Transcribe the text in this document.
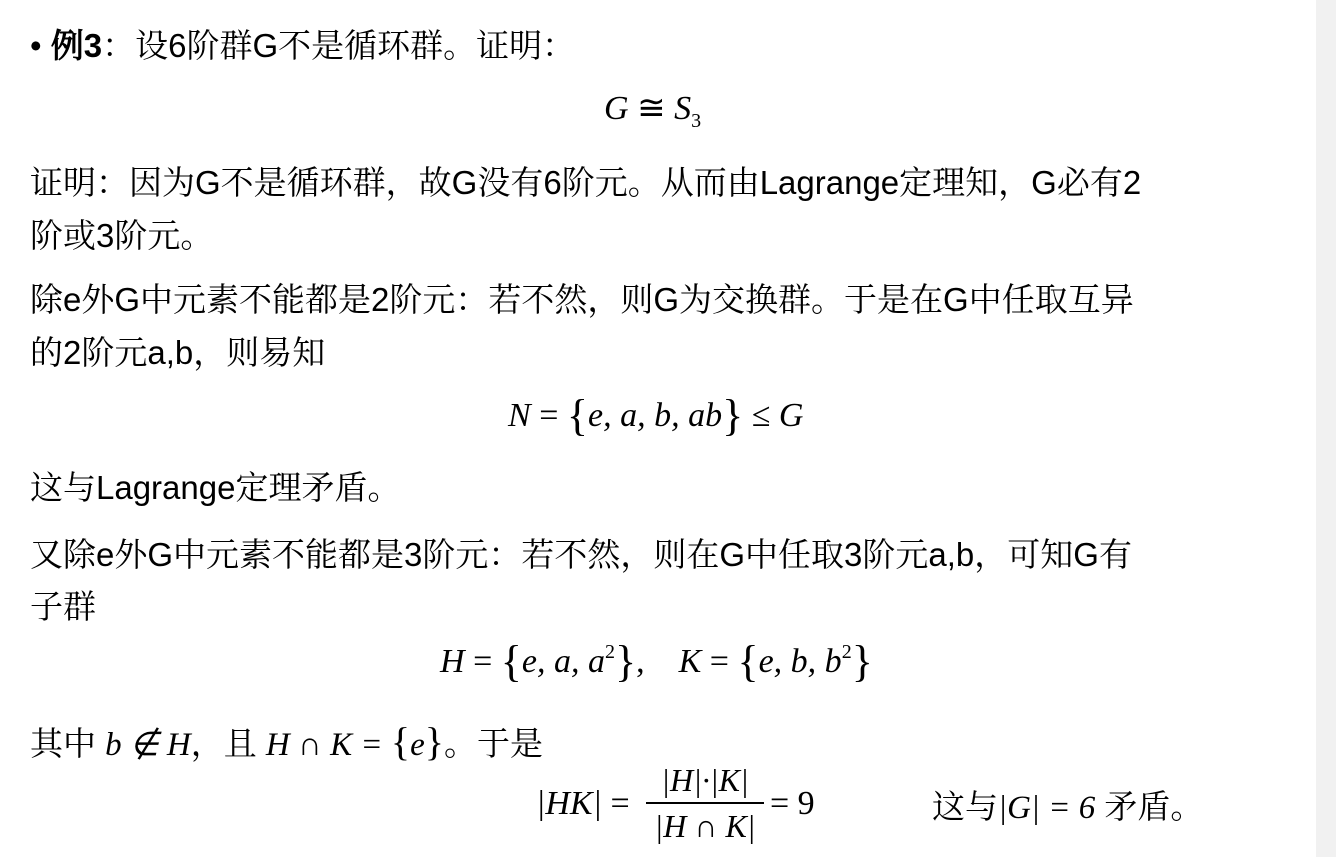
• 例3：设6阶群G不是循环群。证明：
G ≅ $S_3$
证明：因为G不是循环群，故G没有6阶元。从而由Lagrange定理知，G必有2
阶或3阶元。
除e外G中元素不能都是2阶元：若不然，则G为交换群。于是在G中任取互异
的2阶元a,b，则易知
N = {e, a, b, ab} ≤ G
这与Lagrange定理矛盾。
又除e外G中元素不能都是3阶元：若不然，则在G中任取3阶元a,b，可知G有
子群
H = {e, a, $a^2$}, K = {e, b, $b^2$}
其中 b ∉ H，且 H ∩ K = {e}。于是
|HK| =
|H|·|K|
|H ∩ K|
= 9	这与|G| = 6 矛盾。
